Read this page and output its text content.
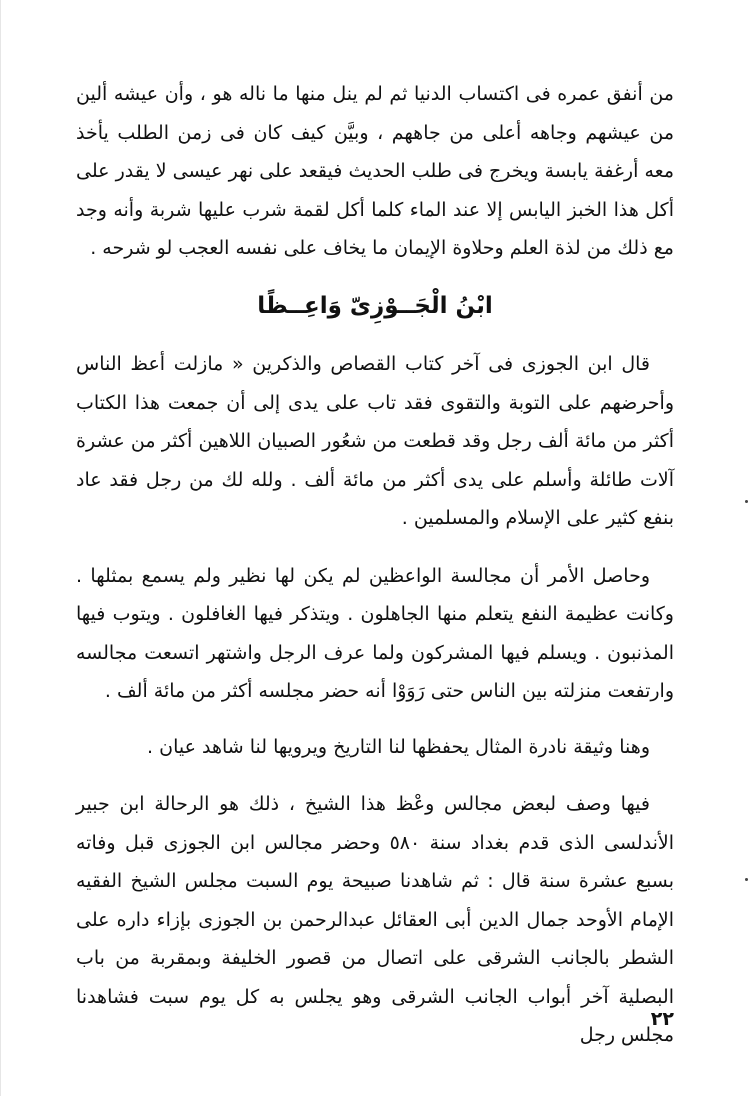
من أنفق عمره فى اكتساب الدنيا ثم لم ينل منها ما ناله هو ، وأن عيشه ألين من عيشهم وجاهه أعلى من جاههم ، وبيَّن كيف كان فى زمن الطلب يأخذ معه أرغفة يابسة ويخرج فى طلب الحديث فيقعد على نهر عيسى لا يقدر على أكل هذا الخبز اليابس إلا عند الماء كلما أكل لقمة شرب عليها شربة وأنه وجد مع ذلك من لذة العلم وحلاوة الإيمان ما يخاف على نفسه العجب لو شرحه .

ابْنُ الْجَــوْزِىّ وَاعِــظًا

قال ابن الجوزى فى آخر كتاب القصاص والذكرين « مازلت أعظ الناس وأحرضهم على التوبة والتقوى فقد تاب على يدى إلى أن جمعت هذا الكتاب أكثر من مائة ألف رجل وقد قطعت من شعُور الصبيان اللاهين أكثر من عشرة آلات طائلة وأسلم على يدى أكثر من مائة ألف . ولله لك من رجل فقد عاد بنفع كثير على الإسلام والمسلمين .

وحاصل الأمر أن مجالسة الواعظين لم يكن لها نظير ولم يسمع بمثلها . وكانت عظيمة النفع يتعلم منها الجاهلون . ويتذكر فيها الغافلون . ويتوب فيها المذنبون . ويسلم فيها المشركون ولما عرف الرجل واشتهر اتسعت مجالسه وارتفعت منزلته بين الناس حتى رَوَوْا أنه حضر مجلسه أكثر من مائة ألف .

وهنا وثيقة نادرة المثال يحفظها لنا التاريخ ويرويها لنا شاهد عيان .

فيها وصف لبعض مجالس وعْظ هذا الشيخ ، ذلك هو الرحالة ابن جبير الأندلسى الذى قدم بغداد سنة ٥٨٠ وحضر مجالس ابن الجوزى قبل وفاته بسبع عشرة سنة قال : ثم شاهدنا صبيحة يوم السبت مجلس الشيخ الفقيه الإمام الأوحد جمال الدين أبى العقائل عبدالرحمن بن الجوزى بإزاء داره على الشطر بالجانب الشرقى على اتصال من قصور الخليفة وبمقربة من باب البصلية آخر أبواب الجانب الشرقى وهو يجلس به كل يوم سبت فشاهدنا مجلس رجل

٢٢
